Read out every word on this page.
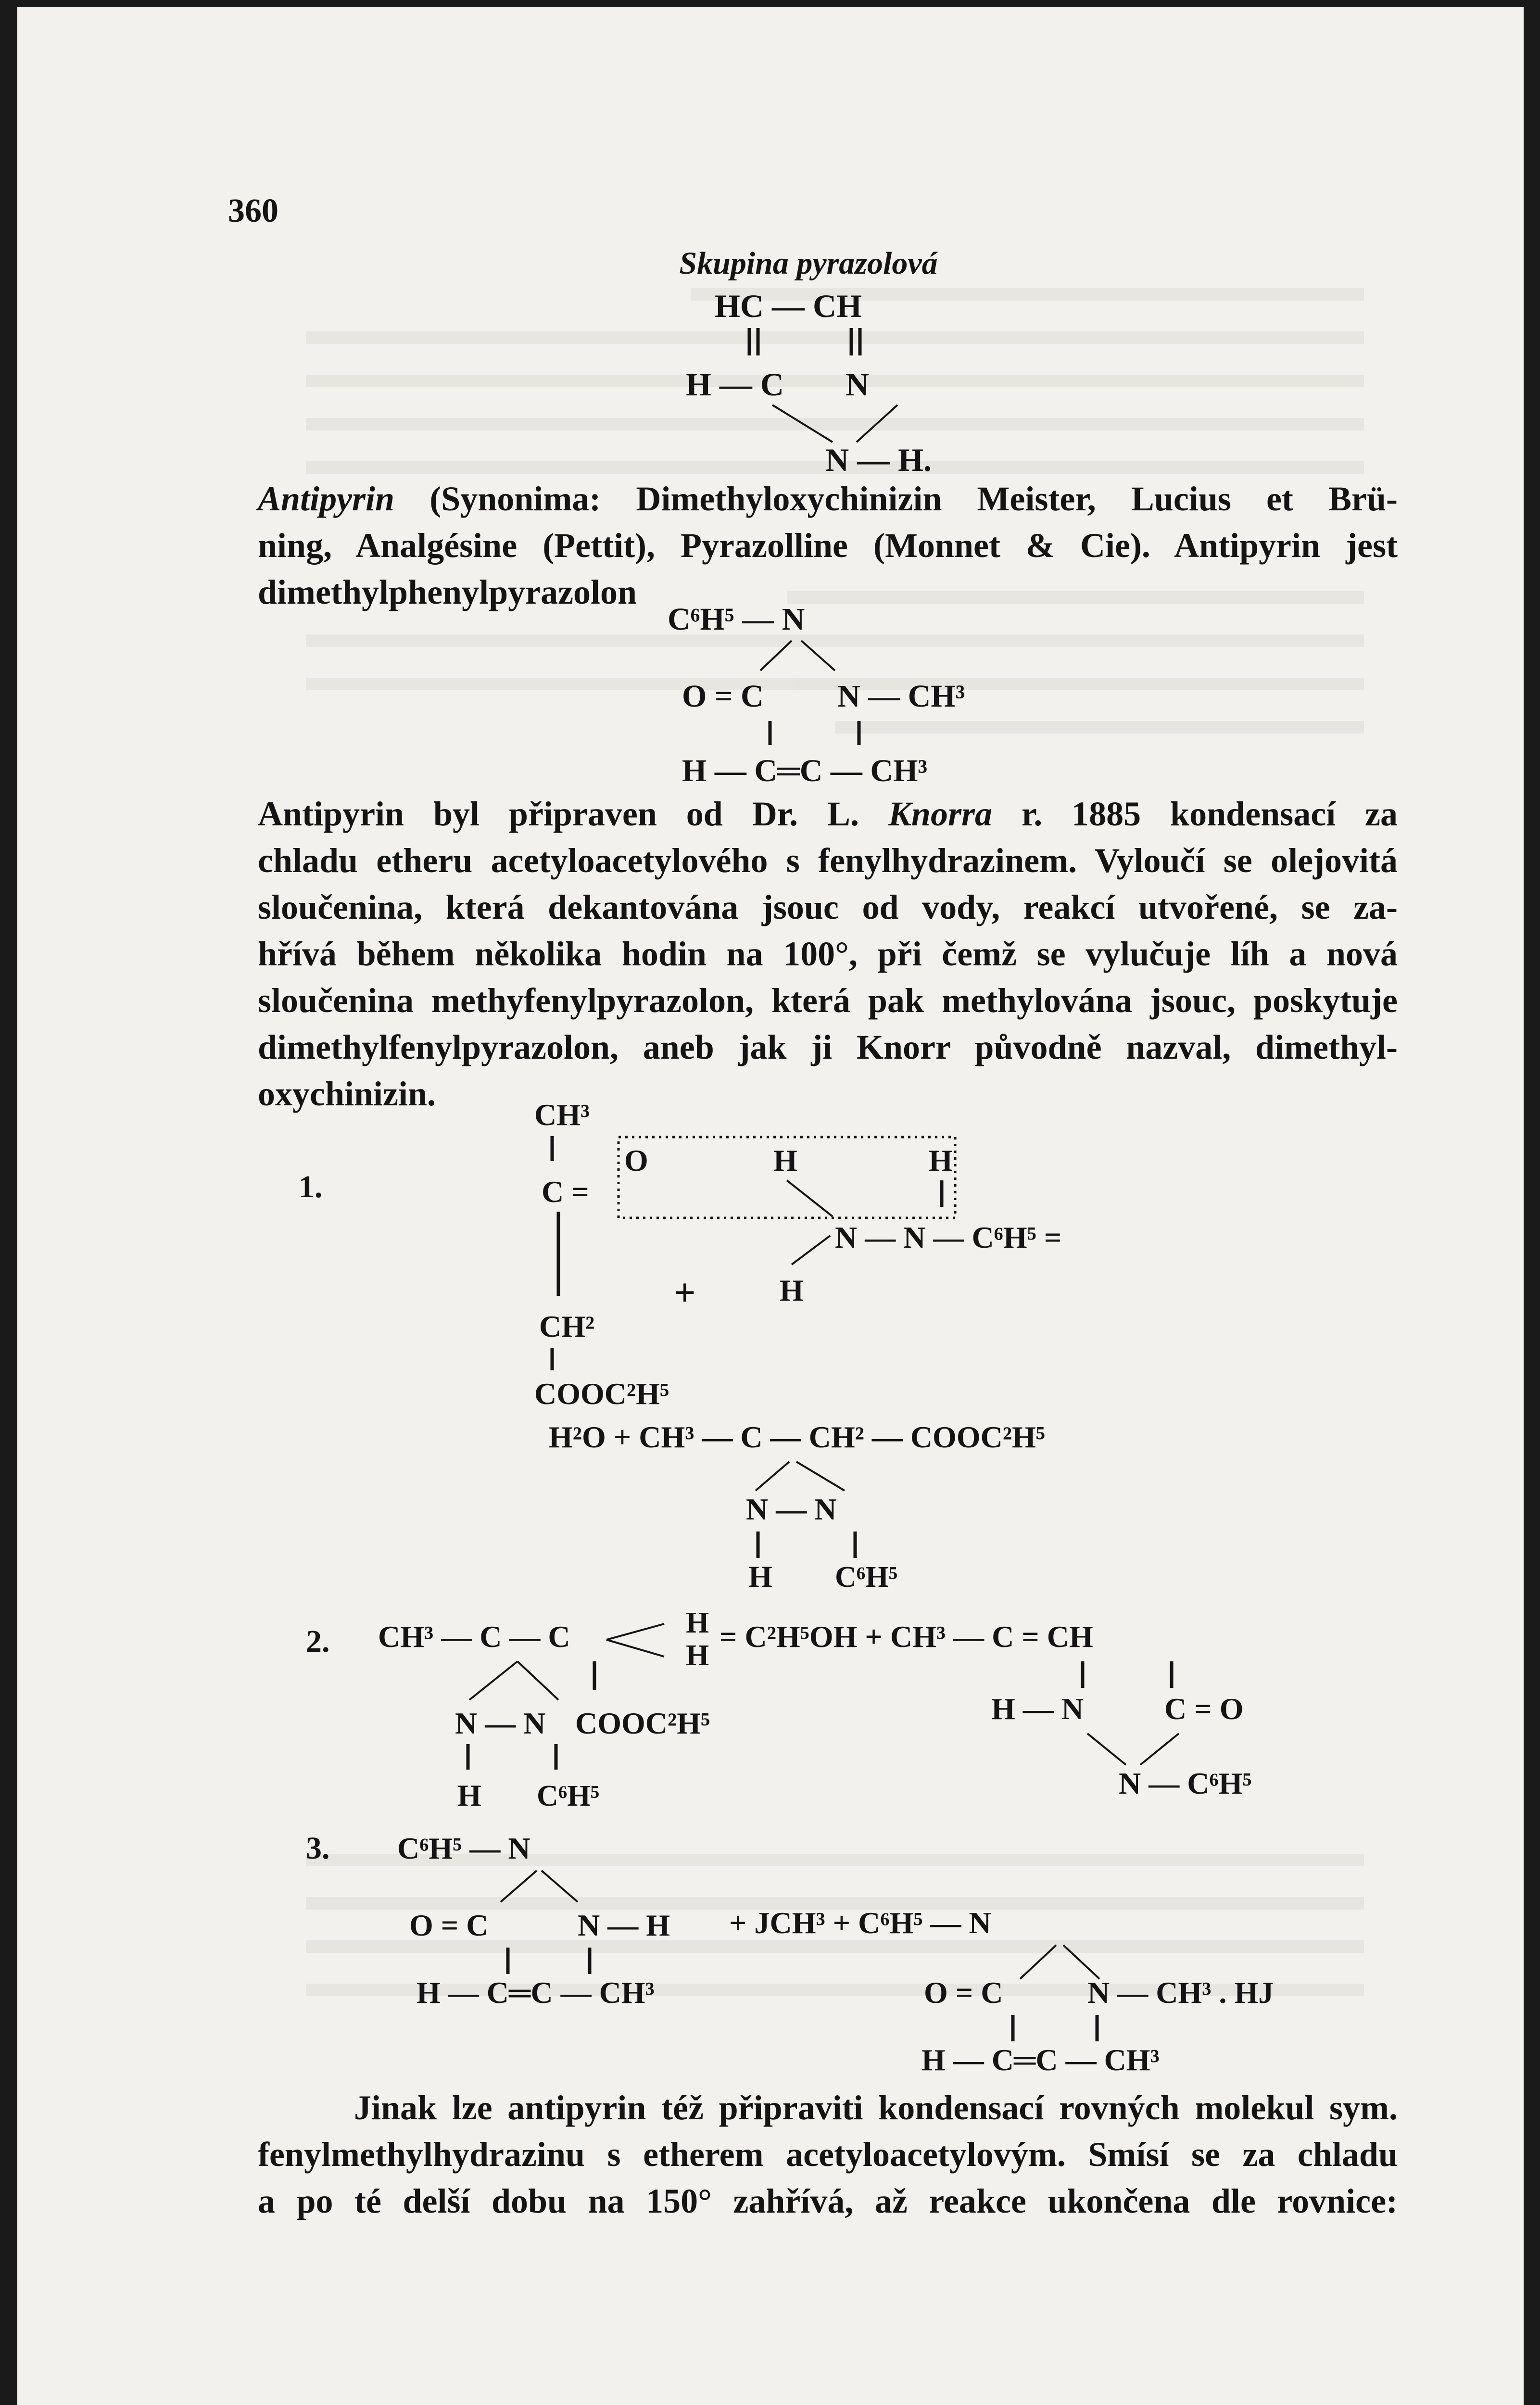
360
Skupina pyrazolová
HC — CH
H — C N
N — H.
Antipyrin (Synonima: Dimethyloxychinizin Meister, Lucius et Brü-
ning, Analgésine (Pettit), Pyrazolline (Monnet & Cie). Antipyrin jest
dimethylphenylpyrazolon
C⁶H⁵ — N
O = C N — CH³
H — C═C — CH³
Antipyrin byl připraven od Dr. L. Knorra r. 1885 kondensací za
chladu etheru acetyloacetylového s fenylhydrazinem. Vyloučí se olejovitá
sloučenina, která dekantována jsouc od vody, reakcí utvořené, se za-
hřívá během několika hodin na 100°, při čemž se vylučuje líh a nová
sloučenina methyfenylpyrazolon, která pak methylována jsouc, poskytuje
dimethylfenylpyrazolon, aneb jak ji Knorr původně nazval, dimethyl-
oxychinizin.
1.
CH³
C =
O	H	H
N — N — C⁶H⁵ =
+	H
CH²
COOC²H⁵
H²O + CH³ — C — CH² — COOC²H⁵
N — N
H C⁶H⁵
2. CH³ — C — C	H
H
= C²H⁵OH + CH³ — C = CH
N — N COOC²H⁵
H C⁶H⁵
H — N	C = O
N — C⁶H⁵
3. C⁶H⁵ — N
O = C	N — H + JCH³ + C⁶H⁵ — N
H — C═C — CH³	O = C	N — CH³ . HJ
H — C═C — CH³
Jinak lze antipyrin též připraviti kondensací rovných molekul sym.
fenylmethylhydrazinu s etherem acetyloacetylovým. Smísí se za chladu
a po té delší dobu na 150° zahřívá, až reakce ukončena dle rovnice:
